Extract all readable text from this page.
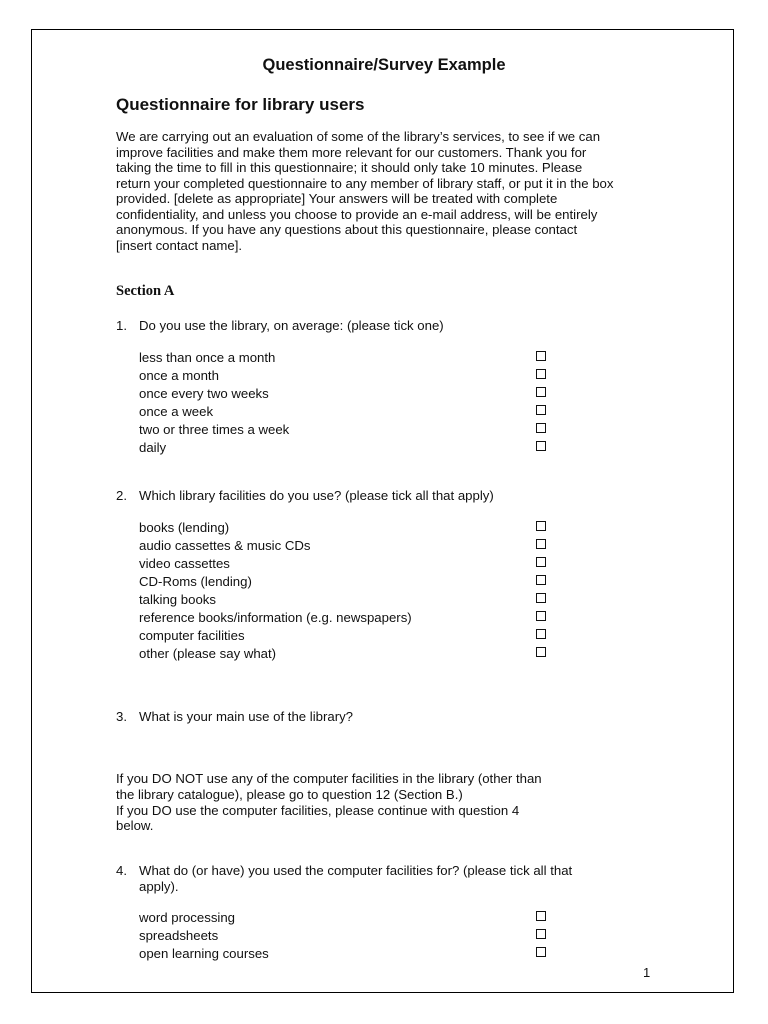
Questionnaire/Survey Example
Questionnaire for library users
We are carrying out an evaluation of some of the library’s services, to see if we can
improve facilities and make them more relevant for our customers. Thank you for
taking the time to fill in this questionnaire; it should only take 10 minutes. Please
return your completed questionnaire to any member of library staff, or put it in the box
provided. [delete as appropriate] Your answers will be treated with complete
confidentiality, and unless you choose to provide an e-mail address, will be entirely
anonymous. If you have any questions about this questionnaire, please contact
[insert contact name].
Section A
1. Do you use the library, on average: (please tick one)
less than once a month
once a month
once every two weeks
once a week
two or three times a week
daily
2. Which library facilities do you use? (please tick all that apply)
books (lending)
audio cassettes & music CDs
video cassettes
CD-Roms (lending)
talking books
reference books/information (e.g. newspapers)
computer facilities
other (please say what)
3. What is your main use of the library?
If you DO NOT use any of the computer facilities in the library (other than
the library catalogue), please go to question 12 (Section B.)
If you DO use the computer facilities, please continue with question 4
below.
4. What do (or have) you used the computer facilities for? (please tick all that
apply).
word processing
spreadsheets
open learning courses
1
